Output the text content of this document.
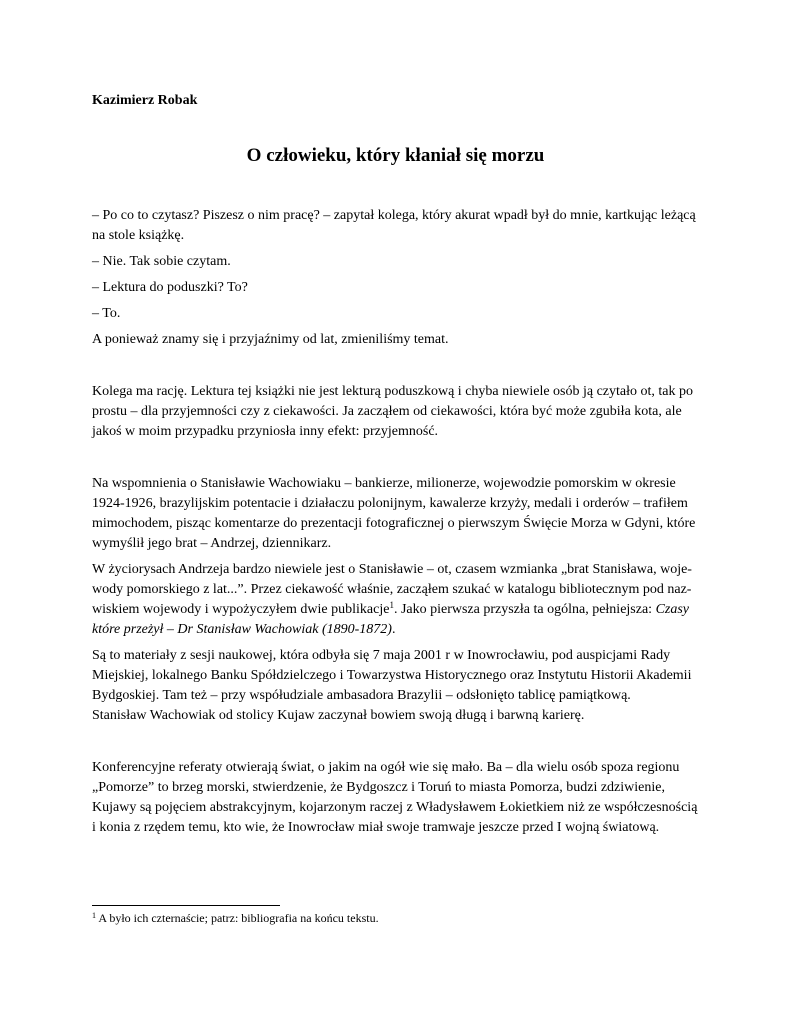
Kazimierz Robak

O człowieku, który kłaniał się morzu

– Po co to czytasz? Piszesz o nim pracę? – zapytał kolega, który akurat wpadł był do mnie, kartkując leżącą na stole książkę.

– Nie. Tak sobie czytam.

– Lektura do poduszki? To?

– To.

A ponieważ znamy się i przyjaźnimy od lat, zmieniliśmy temat.

Kolega ma rację. Lektura tej książki nie jest lekturą poduszkową i chyba niewiele osób ją czytało ot, tak po prostu – dla przyjemności czy z ciekawości. Ja zacząłem od ciekawości, która być może zgubiła kota, ale jakoś w moim przypadku przyniosła inny efekt: przyjemność.

Na wspomnienia o Stanisławie Wachowiaku – bankierze, milionerze, wojewodzie pomorskim w okresie 1924-1926, brazylijskim potentacie i działaczu polonijnym, kawalerze krzyży, medali i orderów – trafiłem mimochodem, pisząc komentarze do prezentacji fotograficznej o pierwszym Święcie Morza w Gdyni, które wymyślił jego brat – Andrzej, dziennikarz.

W życiorysach Andrzeja bardzo niewiele jest o Stanisławie – ot, czasem wzmianka „brat Stanisława, woje-wody pomorskiego z lat...”. Przez ciekawość właśnie, zacząłem szukać w katalogu bibliotecznym pod naz-wiskiem wojewody i wypożyczyłem dwie publikacje$^1$. Jako pierwsza przyszła ta ogólna, pełniejsza: Czasy które przeżył – Dr Stanisław Wachowiak (1890-1872).

Są to materiały z sesji naukowej, która odbyła się 7 maja 2001 r w Inowrocławiu, pod auspicjami Rady Miejskiej, lokalnego Banku Spółdzielczego i Towarzystwa Historycznego oraz Instytutu Historii Akademii Bydgoskiej. Tam też – przy współudziale ambasadora Brazylii – odsłonięto tablicę pamiątkową.

Stanisław Wachowiak od stolicy Kujaw zaczynał bowiem swoją długą i barwną karierę.

Konferencyjne referaty otwierają świat, o jakim na ogół wie się mało. Ba – dla wielu osób spoza regionu „Pomorze” to brzeg morski, stwierdzenie, że Bydgoszcz i Toruń to miasta Pomorza, budzi zdziwienie, Kujawy są pojęciem abstrakcyjnym, kojarzonym raczej z Władysławem Łokietkiem niż ze współczesnością i konia z rzędem temu, kto wie, że Inowrocław miał swoje tramwaje jeszcze przed I wojną światową.

$^1$ A było ich czternaście; patrz: bibliografia na końcu tekstu.
